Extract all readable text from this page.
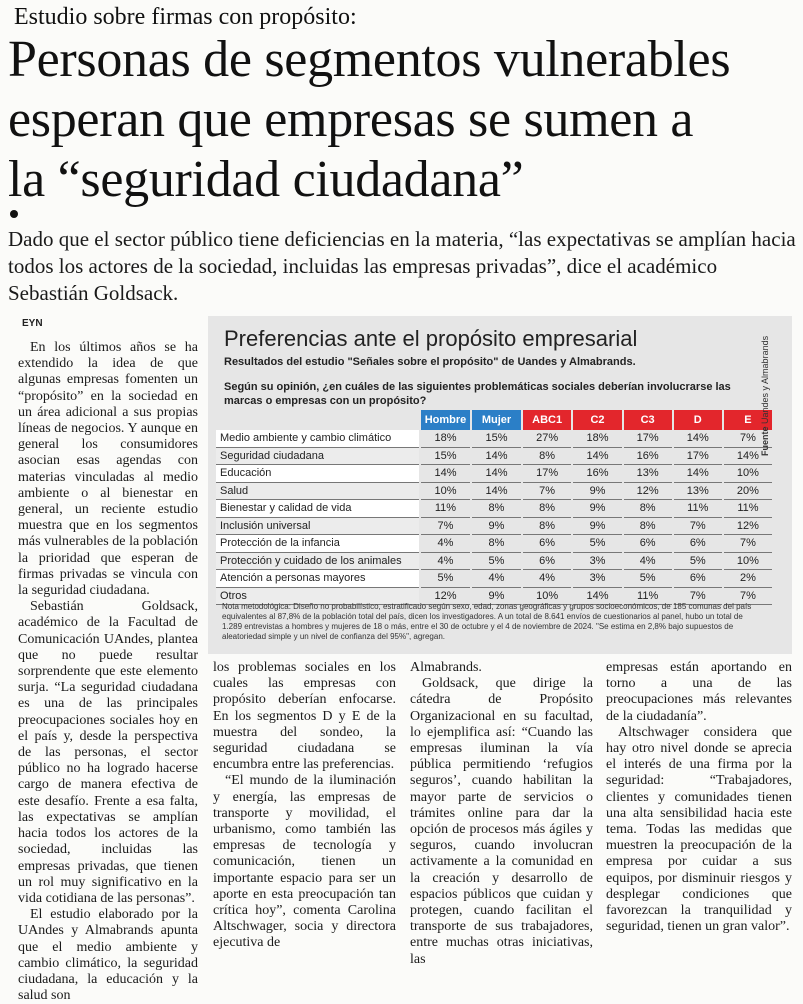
Estudio sobre firmas con propósito:
Personas de segmentos vulnerables
esperan que empresas se sumen a
la “seguridad ciudadana”
Dado que el sector público tiene deficiencias en la materia, “las expectativas se amplían hacia todos los actores de la sociedad, incluidas las empresas privadas”, dice el académico Sebastián Goldsack.
EYN

En los últimos años se ha extendido la idea de que algunas empresas fomenten un “propósito” en la sociedad en un área adicional a sus propias líneas de negocios. Y aunque en general los consumidores asocian esas agendas con materias vinculadas al medio ambiente o al bienestar en general, un reciente estudio muestra que en los segmentos más vulnerables de la población la prioridad que esperan de firmas privadas se vincula con la seguridad ciudadana.

Sebastián Goldsack, académico de la Facultad de Comunicación UAndes, plantea que no puede resultar sorprendente que este elemento surja. “La seguridad ciudadana es una de las principales preocupaciones sociales hoy en el país y, desde la perspectiva de las personas, el sector público no ha logrado hacerse cargo de manera efectiva de este desafío. Frente a esa falta, las expectativas se amplían hacia todos los actores de la sociedad, incluidas las empresas privadas, que tienen un rol muy significativo en la vida cotidiana de las personas”.

El estudio elaborado por la UAndes y Almabrands apunta que el medio ambiente y cambio climático, la seguridad ciudadana, la educación y la salud son

Preferencias ante el propósito empresarial
Resultados del estudio "Señales sobre el propósito" de Uandes y Almabrands.
Según su opinión, ¿en cuáles de las siguientes problemáticas sociales deberían involucrarse las marcas o empresas con un propósito?
	Hombre	Mujer	ABC1	C2	C3	D	E
Medio ambiente y cambio climático	18%	15%	27%	18%	17%	14%	7%
Seguridad ciudadana	15%	14%	8%	14%	16%	17%	14%
Educación	14%	14%	17%	16%	13%	14%	10%
Salud	10%	14%	7%	9%	12%	13%	20%
Bienestar y calidad de vida	11%	8%	8%	9%	8%	11%	11%
Inclusión universal	7%	9%	8%	9%	8%	7%	12%
Protección de la infancia	4%	8%	6%	5%	6%	6%	7%
Protección y cuidado de los animales	4%	5%	6%	3%	4%	5%	10%
Atención a personas mayores	5%	4%	4%	3%	5%	6%	2%
Otros	12%	9%	10%	14%	11%	7%	7%
Nota metodológica: Diseño no probabilístico, estratificado según sexo, edad, zonas geográficas y grupos socioeconómicos, de 185 comunas del país equivalentes al 87,8% de la población total del país, dicen los investigadores. A un total de 8.641 envíos de cuestionarios al panel, hubo un total de 1.289 entrevistas a hombres y mujeres de 18 o más, entre el 30 de octubre y el 4 de noviembre de 2024. "Se estima en 2,8% bajo supuestos de aleatoriedad simple y un nivel de confianza del 95%", agregan.
Fuente Uandes y Almabrands

los problemas sociales en los cuales las empresas con propósito deberían enfocarse. En los segmentos D y E de la muestra del sondeo, la seguridad ciudadana se encumbra entre las preferencias.

“El mundo de la iluminación y energía, las empresas de transporte y movilidad, el urbanismo, como también las empresas de tecnología y comunicación, tienen un importante espacio para ser un aporte en esta preocupación tan crítica hoy”, comenta Carolina Altschwager, socia y directora ejecutiva de

Almabrands.

Goldsack, que dirige la cátedra de Propósito Organizacional en su facultad, lo ejemplifica así: “Cuando las empresas iluminan la vía pública permitiendo ‘refugios seguros’, cuando habilitan la mayor parte de servicios o trámites online para dar la opción de procesos más ágiles y seguros, cuando involucran activamente a la comunidad en la creación y desarrollo de espacios públicos que cuidan y protegen, cuando facilitan el transporte de sus trabajadores, entre muchas otras iniciativas, las

empresas están aportando en torno a una de las preocupaciones más relevantes de la ciudadanía”.

Altschwager considera que hay otro nivel donde se aprecia el interés de una firma por la seguridad: “Trabajadores, clientes y comunidades tienen una alta sensibilidad hacia este tema. Todas las medidas que muestren la preocupación de la empresa por cuidar a sus equipos, por disminuir riesgos y desplegar condiciones que favorezcan la tranquilidad y seguridad, tienen un gran valor”.
